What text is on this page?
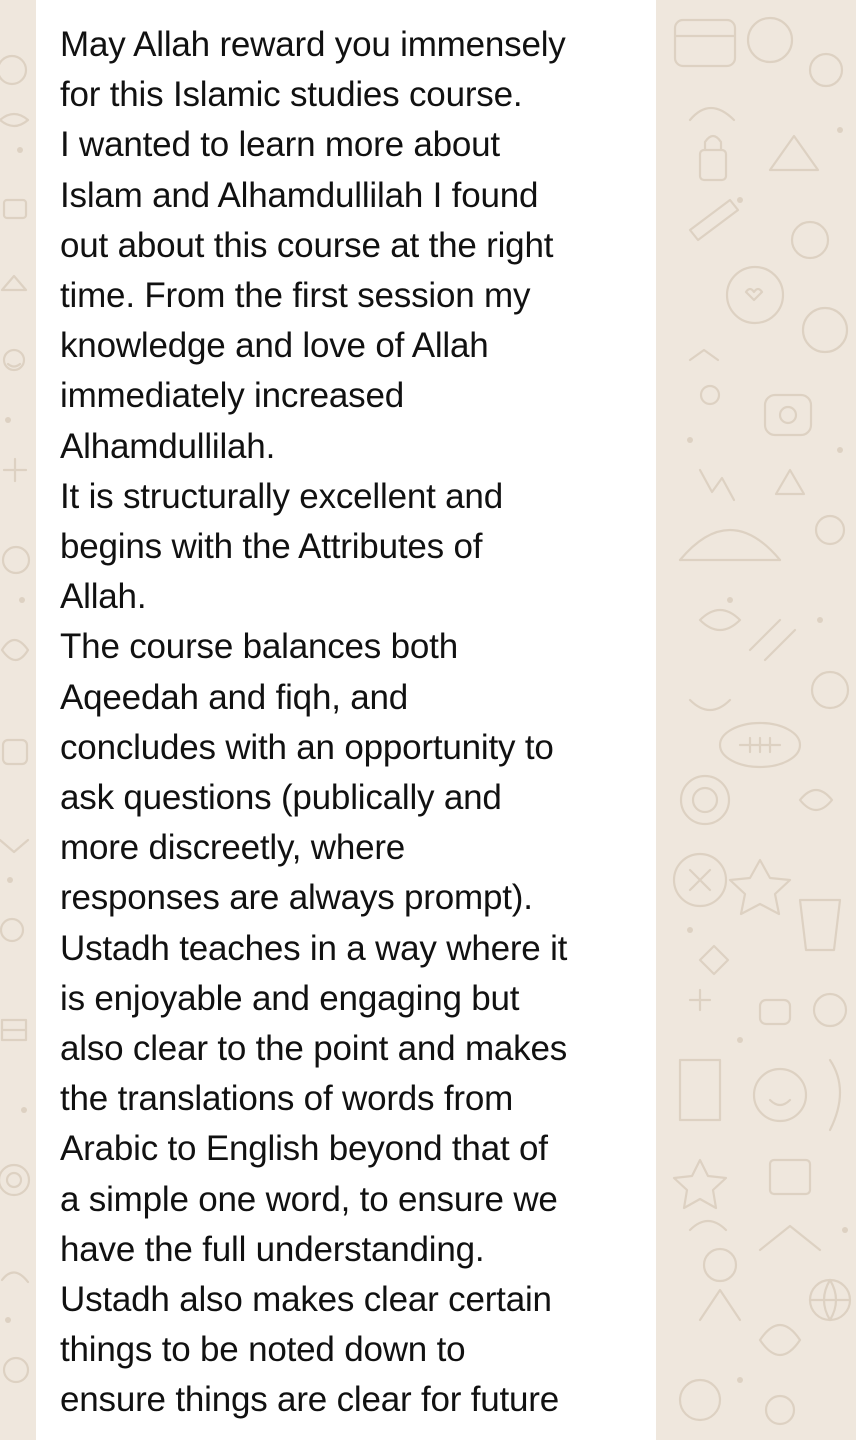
May Allah reward you immensely
for this Islamic studies course.
I wanted to learn more about
Islam and Alhamdullilah I found
out about this course at the right
time. From the first session my
knowledge and love of Allah
immediately increased
Alhamdullilah.
It is structurally excellent and
begins with the Attributes of
Allah.
The course balances both
Aqeedah and fiqh, and
concludes with an opportunity to
ask questions (publically and
more discreetly, where
responses are always prompt).
Ustadh teaches in a way where it
is enjoyable and engaging but
also clear to the point and makes
the translations of words from
Arabic to English beyond that of
a simple one word, to ensure we
have the full understanding.
Ustadh also makes clear certain
things to be noted down to
ensure things are clear for future
